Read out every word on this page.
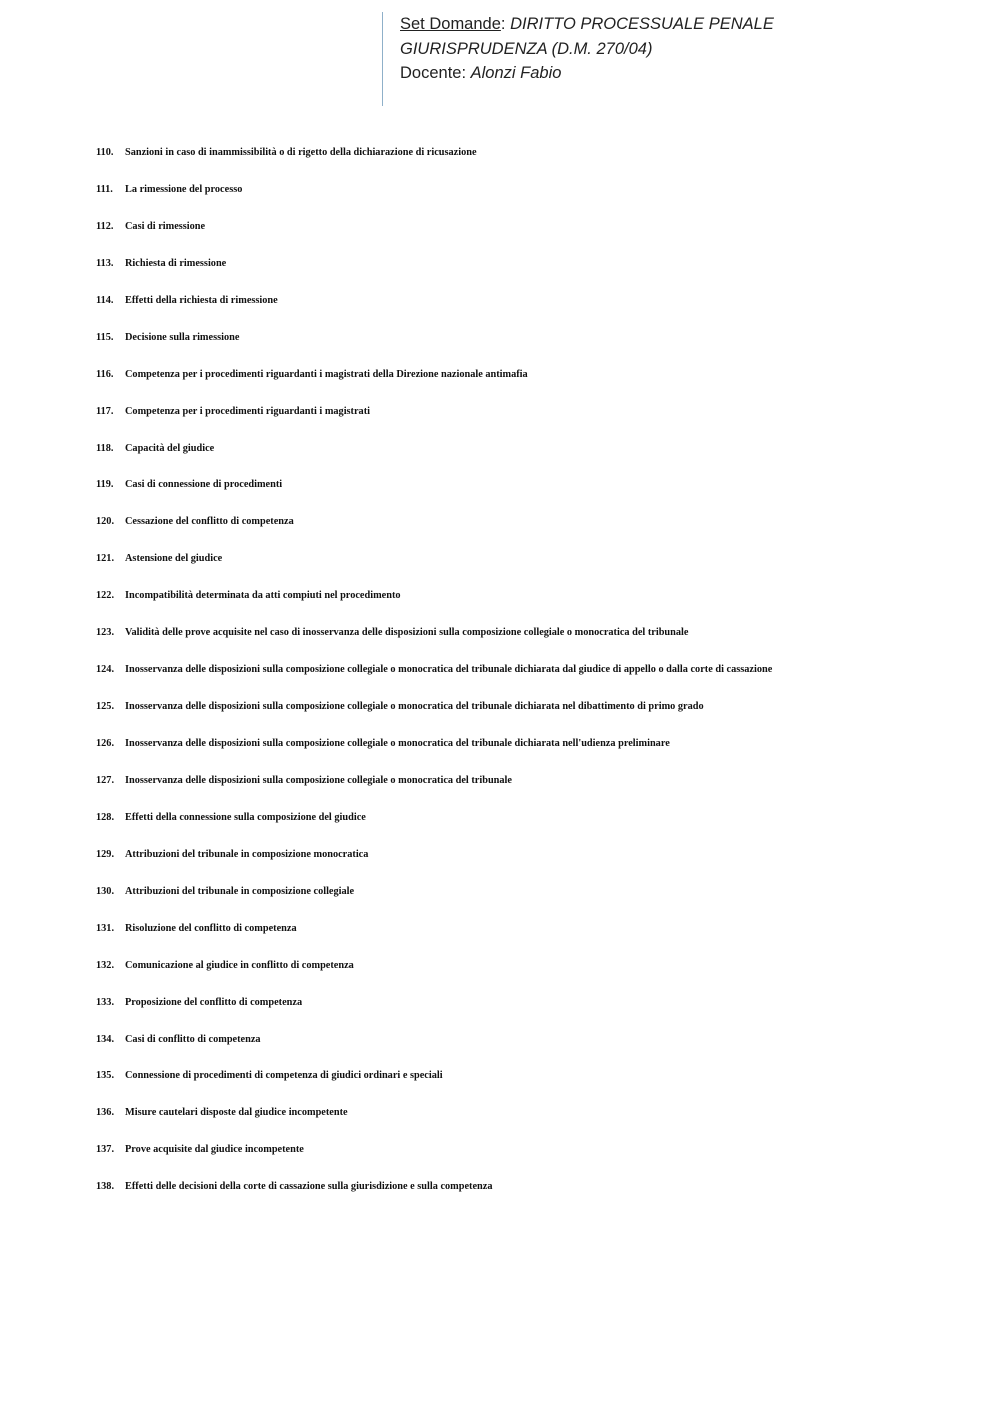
Set Domande: DIRITTO PROCESSUALE PENALE
GIURISPRUDENZA (D.M. 270/04)
Docente: Alonzi Fabio
110. Sanzioni in caso di inammissibilità o di rigetto della dichiarazione di ricusazione
111. La rimessione del processo
112. Casi di rimessione
113. Richiesta di rimessione
114. Effetti della richiesta di rimessione
115. Decisione sulla rimessione
116. Competenza per i procedimenti riguardanti i magistrati della Direzione nazionale antimafia
117. Competenza per i procedimenti riguardanti i magistrati
118. Capacità del giudice
119. Casi di connessione di procedimenti
120. Cessazione del conflitto di competenza
121. Astensione del giudice
122. Incompatibilità determinata da atti compiuti nel procedimento
123. Validità delle prove acquisite nel caso di inosservanza delle disposizioni sulla composizione collegiale o monocratica del tribunale
124. Inosservanza delle disposizioni sulla composizione collegiale o monocratica del tribunale dichiarata dal giudice di appello o dalla corte di cassazione
125. Inosservanza delle disposizioni sulla composizione collegiale o monocratica del tribunale dichiarata nel dibattimento di primo grado
126. Inosservanza delle disposizioni sulla composizione collegiale o monocratica del tribunale dichiarata nell'udienza preliminare
127. Inosservanza delle disposizioni sulla composizione collegiale o monocratica del tribunale
128. Effetti della connessione sulla composizione del giudice
129. Attribuzioni del tribunale in composizione monocratica
130. Attribuzioni del tribunale in composizione collegiale
131. Risoluzione del conflitto di competenza
132. Comunicazione al giudice in conflitto di competenza
133. Proposizione del conflitto di competenza
134. Casi di conflitto di competenza
135. Connessione di procedimenti di competenza di giudici ordinari e speciali
136. Misure cautelari disposte dal giudice incompetente
137. Prove acquisite dal giudice incompetente
138. Effetti delle decisioni della corte di cassazione sulla giurisdizione e sulla competenza
